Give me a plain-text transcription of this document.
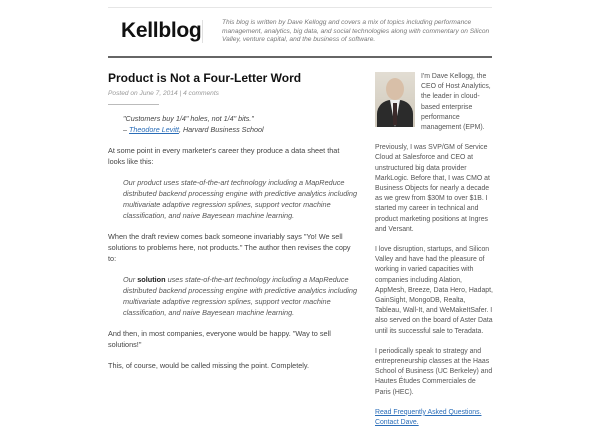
Kellblog	This blog is written by Dave Kellogg and covers a mix of topics including performance management, analytics, big data, and social technologies along with commentary on Silicon Valley, venture capital, and the business of software.
Product is Not a Four-Letter Word
Posted on June 7, 2014 | 4 comments
"Customers buy 1/4" holes, not 1/4" bits."
– Theodore Levitt, Harvard Business School

At some point in every marketer's career they produce a data sheet that looks like this:

Our product uses state-of-the-art technology including a MapReduce distributed backend processing engine with predictive analytics including multivariate adaptive regression splines, support vector machine classification, and naive Bayesean machine learning.

When the draft review comes back someone invariably says "Yo! We sell solutions to problems here, not products." The author then revises the copy to:

Our solution uses state-of-the-art technology including a MapReduce distributed backend processing engine with predictive analytics including multivariate adaptive regression splines, support vector machine classification, and naive Bayesean machine learning.

And then, in most companies, everyone would be happy. "Way to sell solutions!"

This, of course, would be called missing the point. Completely.

I'm Dave Kellogg, the CEO of Host Analytics, the leader in cloud-based enterprise performance management (EPM).

Previously, I was SVP/GM of Service Cloud at Salesforce and CEO at unstructured big data provider MarkLogic. Before that, I was CMO at Business Objects for nearly a decade as we grew from $30M to over $1B. I started my career in technical and product marketing positions at Ingres and Versant.

I love disruption, startups, and Silicon Valley and have had the pleasure of working in varied capacities with companies including Alation, AppMesh, Breeze, Data Hero, Hadapt, GainSight, MongoDB, Realta, Tableau, Wall-It, and WeMakeItSafer. I also served on the board of Aster Data until its successful sale to Teradata.

I periodically speak to strategy and entrepreneurship classes at the Haas School of Business (UC Berkeley) and Hautes Études Commerciales de Paris (HEC).

Read Frequently Asked Questions.
Contact Dave.
